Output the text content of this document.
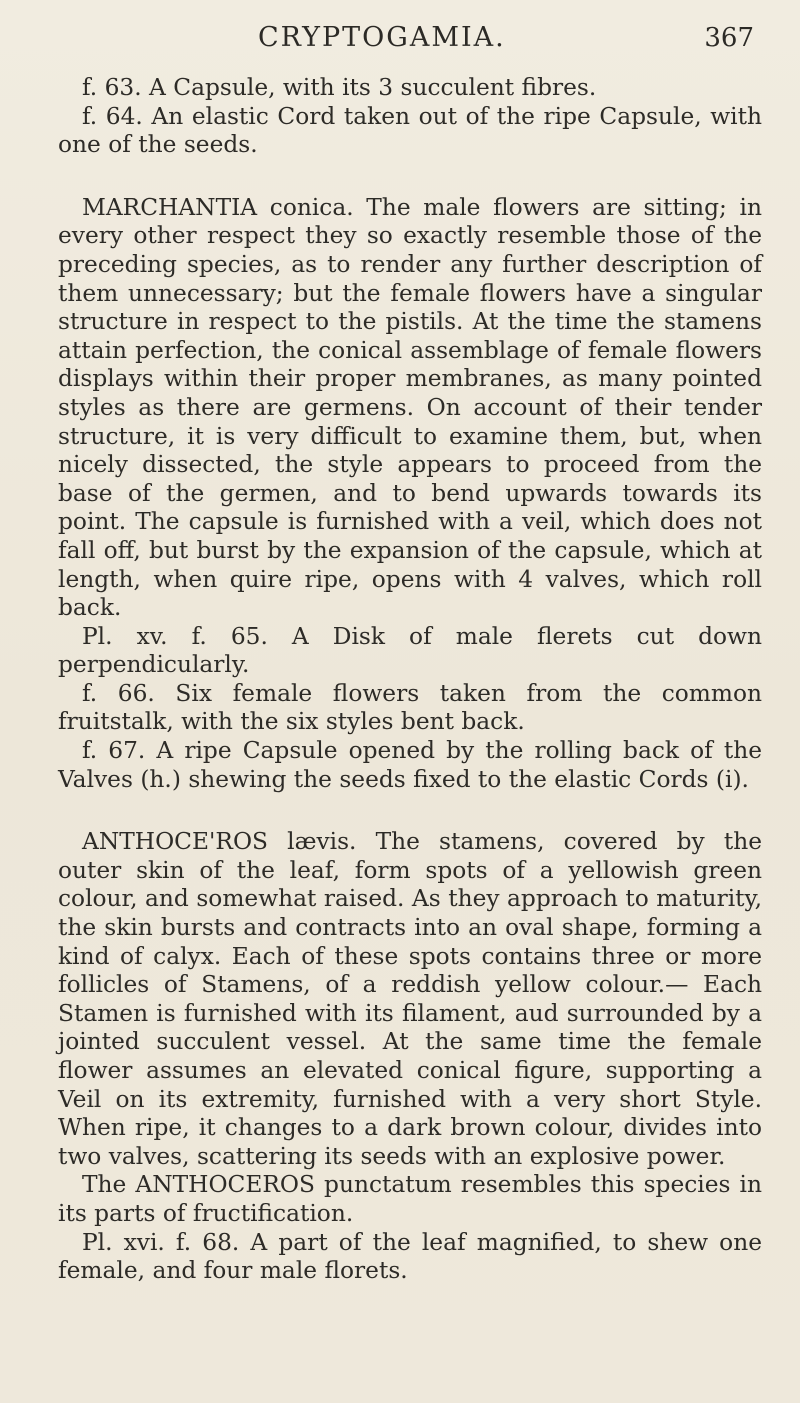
CRYPTOGAMIA.	367

f. 63. A Capsule, with its 3 succulent fibres.

f. 64. An elastic Cord taken out of the ripe Capsule, with one of the seeds.

MARCHANTIA conica. The male flowers are sitting; in every other respect they so exactly resemble those of the preceding species, as to render any further description of them unnecessary; but the female flowers have a singular structure in respect to the pistils. At the time the stamens attain perfection, the conical assemblage of female flowers displays within their proper membranes, as many pointed styles as there are germens. On account of their tender structure, it is very difficult to examine them, but, when nicely dissected, the style appears to proceed from the base of the germen, and to bend upwards towards its point. The capsule is furnished with a veil, which does not fall off, but burst by the expansion of the capsule, which at length, when quire ripe, opens with 4 valves, which roll back.

Pl. xv. f. 65. A Disk of male flerets cut down perpendicularly.

f. 66. Six female flowers taken from the common fruitstalk, with the six styles bent back.

f. 67. A ripe Capsule opened by the rolling back of the Valves (h.) shewing the seeds fixed to the elastic Cords (i).

ANTHOCE'ROS lævis. The stamens, covered by the outer skin of the leaf, form spots of a yellowish green colour, and somewhat raised. As they approach to maturity, the skin bursts and contracts into an oval shape, forming a kind of calyx. Each of these spots contains three or more follicles of Stamens, of a reddish yellow colour.— Each Stamen is furnished with its filament, aud surrounded by a jointed succulent vessel. At the same time the female flower assumes an elevated conical figure, supporting a Veil on its extremity, furnished with a very short Style. When ripe, it changes to a dark brown colour, divides into two valves, scattering its seeds with an explosive power.

The ANTHOCEROS punctatum resembles this species in its parts of fructification.

Pl. xvi. f. 68. A part of the leaf magnified, to shew one female, and four male florets.
